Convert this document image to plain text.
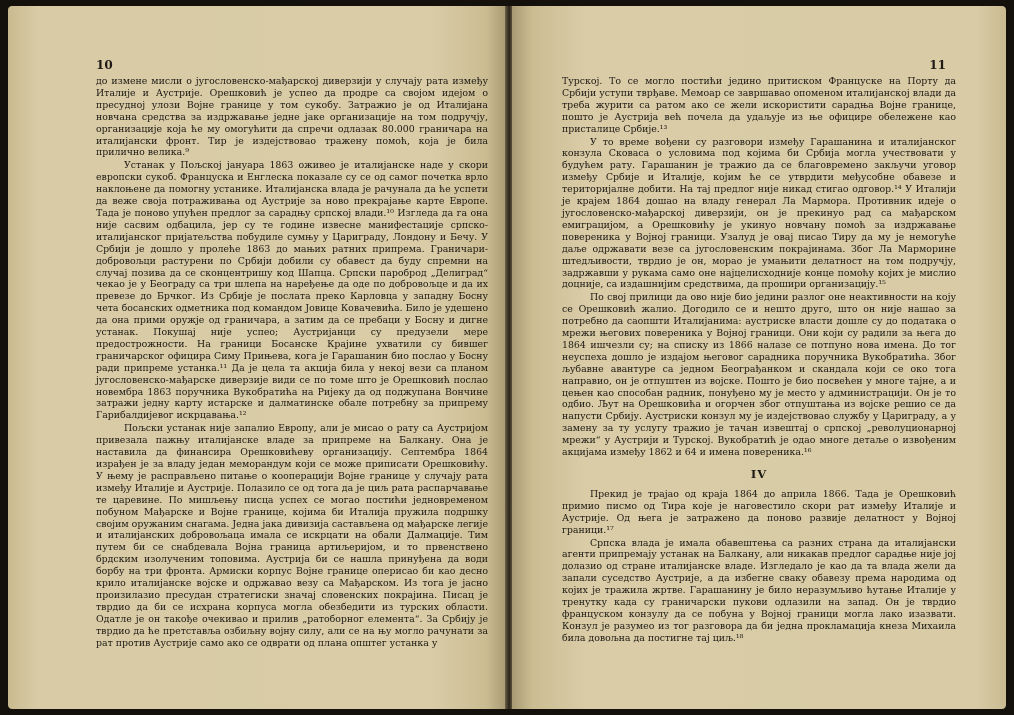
10

до измене мисли о југословенско-мађарској диверзији у случају рата између Италије и Аустрије. Орешковић је успео да продре са својом идејом о пресудној улози Војне границе у том сукобу. Затражио је од Италијана новчана средства за издржавање једне јаке организације на том подручју, организације која ће му омогућити да спречи одлазак 80.000 граничара на италијански фронт. Тир је издејствовао тражену помоћ, која је била прилично велика.⁹

Устанак у Пољској јануара 1863 оживео је италијанске наде у скори европски сукоб. Француска и Енглеска показале су се од самог почетка врло наклоњене да помогну устанике. Италијанска влада је рачунала да ће успети да веже своја потраживања од Аустрије за ново прекрајање карте Европе. Тада је поново упућен предлог за сарадњу српској влади.¹⁰ Изгледа да га она није сасвим одбацила, јер су те године извесне манифестације српско-италијанског пријатељства побудиле сумњу у Цариграду, Лондону и Бечу. У Србији је дошло у пролеће 1863 до мањих ратних припрема. Граничари-добровољци растурени по Србији добили су обавест да буду спремни на случај позива да се сконцентришу код Шапца. Српски пароброд „Делиград“ чекао је у Београду са три шлепа на наређење да оде по добровољце и да их превезе до Брчког. Из Србије је послата преко Карловца у западну Босну чета босанских одметника под командом Јовице Ковачевића. Било је удешено да она прими оружје од граничара, а затим да се пребаци у Босну и дигне устанак. Покушај није успео; Аустријанци су предузели мере предострожности. На граници Босанске Крајине ухватили су бившег граничарског официра Симу Прињева, кога је Гарашанин био послао у Босну ради припреме устанка.¹¹ Да је цела та акција била у некој вези са планом југословенско-мађарске диверзије види се по томе што је Орешковић послао новембра 1863 поручника Вукобратића на Ријеку да од поджупана Вончине затражи једну карту истарске и далматинске обале потребну за припрему Гарибалдијевог искрцавања.¹²

Пољски устанак није запалио Европу, али је мисао о рату са Аустријом привезала пажњу италијанске владе за припреме на Балкану. Она је наставила да финансира Орешковићеву организацију. Септембра 1864 израђен је за владу један меморандум који се може приписати Орешковићу. У њему је расправљено питање о кооперацији Војне границе у случају рата између Италије и Аустрије. Полазило се од тога да је циљ рата распарчавање те царевине. По мишљењу писца успех се могао постићи једновременом побуном Мађарске и Војне границе, којима би Италија пружила подршку својим оружаним снагама. Једна јака дивизија састављена од мађарске легије и италијанских добровољаца имала се искрцати на обали Далмације. Тим путем би се снабдевала Војна граница артиљеријом, и то првенствено брдским изолученим топовима. Аустрија би се нашла принуђена да води борбу на три фронта. Армиски корпус Војне границе оперисао би као десно крило италијанске војске и одржавао везу са Мађарском. Из тога је јасно произилазио пресудан стратегиски значај словенских покрајина. Писац је тврдио да би се исхрана корпуса могла обезбедити из турских области. Одатле је он такође очекивао и прилив „ратоборног елемента“. За Србију је тврдио да ће претставља озбиљну војну силу, али се на њу могло рачунати за рат против Аустрије само ако се одврати од плана општег устанка у

11

Турској. То се могло постићи једино притиском Француске на Порту да Србији уступи тврђаве. Мемоар се завршавао опоменом италијанској влади да треба журити са ратом ако се жели искористити сарадња Војне границе, пошто је Аустрија већ почела да удаљује из ње официре обележене као присталице Србије.¹³

У то време вођени су разговори између Гарашанина и италијанског конзула Сковаса о условима под којима би Србија могла учествовати у будућем рату. Гарашанин је тражио да се благовремено закључи уговор између Србије и Италије, којим ће се утврдити међусобне обавезе и територијалне добити. На тај предлог није никад стигао одговор.¹⁴ У Италији је крајем 1864 дошао на владу генерал Ла Мармора. Противник идеје о југословенско-мађарској диверзији, он је прекинуо рад са мађарском емиграцијом, а Орешковићу је укинуо новчану помоћ за издржавање повереника у Војној граници. Узалуд је овај писао Тиру да му је немогуће даље одржавати везе са југословенским покрајинама. Због Ла Марморине штедљивости, тврдио је он, морао је умањити делатност на том подручју, задржавши у рукама само оне најцелисходније конце помоћу којих је мислио доцније, са издашнијим средствима, да прошири организацију.¹⁵

По свој прилици да ово није био једини разлог оне неактивности на коју се Орешковић жалио. Догодило се и нешто друго, што он није нашао за потребно да саопшти Италијанима: аустриске власти дошле су до података о мрежи његових повереника у Војној граници. Они који су радили за њега до 1864 ишчезли су; на списку из 1866 налазе се потпуно нова имена. До тог неуспеха дошло је издајом његовог сарадника поручника Вукобратића. Због љубавне авантуре са једном Београђанком и скандала који се око тога направио, он је отпуштен из војске. Пошто је био посвећен у многе тајне, а и цењен као способан радник, понуђено му је место у администрацији. Он је то одбио. Љут на Орешковића и огорчен због отпуштања из војске решио се да напусти Србију. Аустриски конзул му је издејствовао службу у Цариграду, а у замену за ту услугу тражио је тачан извештај о српској „револуционарној мрежи“ у Аустрији и Турској. Вукобратић је одао многе детаље о извођеним акцијама између 1862 и 64 и имена повереника.¹⁶

IV

Прекид је трајао од краја 1864 до априла 1866. Тада је Орешковић примио писмо од Тира које је наговестило скори рат између Италије и Аустрије. Од њега је затражено да поново развије делатност у Војној граници.¹⁷

Српска влада је имала обавештења са разних страна да италијански агенти припремају устанак на Балкану, али никакав предлог сарадње није јој долазио од стране италијанске владе. Изгледало је као да та влада жели да запали суседство Аустрије, а да избегне сваку обавезу према народима од којих је тражила жртве. Гарашанину је било неразумљиво ћутање Италије у тренутку када су граничарски пукови одлазили на запад. Он је тврдио француском конзулу да се побуна у Војној граници могла лако изазвати. Конзул је разумео из тог разговора да би једна прокламација кнеза Михаила била довољна да постигне тај циљ.¹⁸
